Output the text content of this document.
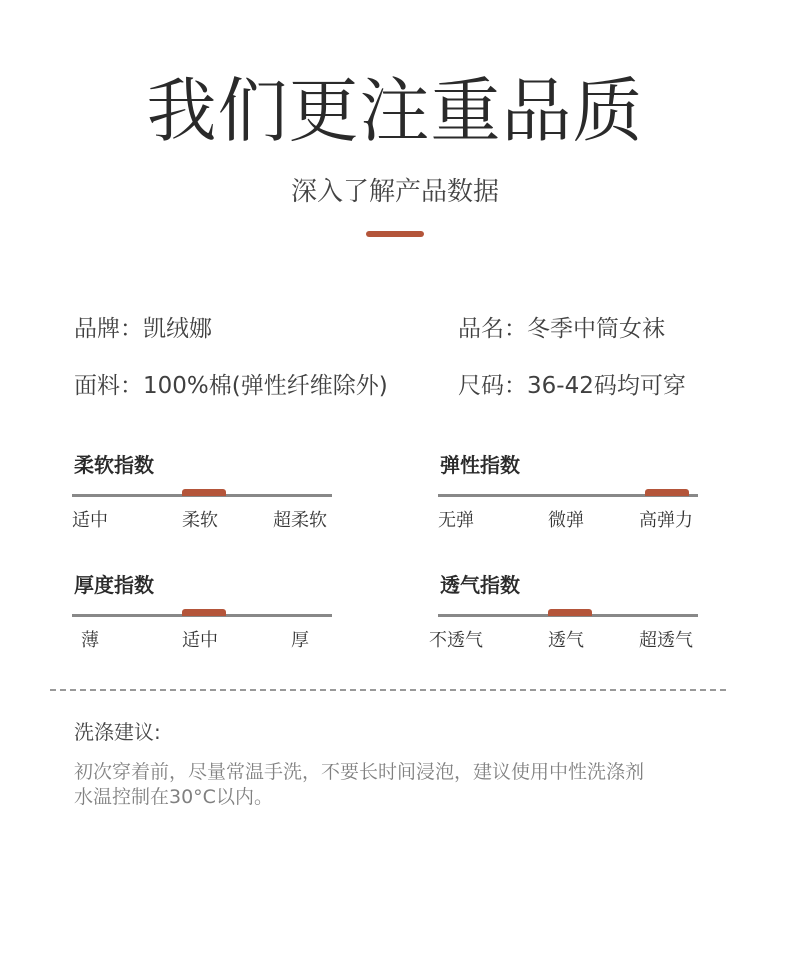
我们更注重品质
深入了解产品数据
品牌：凯绒娜	品名：冬季中筒女袜
面料：100%棉(弹性纤维除外)	尺码：36-42码均可穿
柔软指数
适中	柔软	超柔软
弹性指数
无弹	微弹	高弹力
厚度指数
薄	适中	厚
透气指数
不透气	透气	超透气
洗涤建议:
初次穿着前，尽量常温手洗，不要长时间浸泡，建议使用中性洗涤剂
水温控制在30°C以内。
